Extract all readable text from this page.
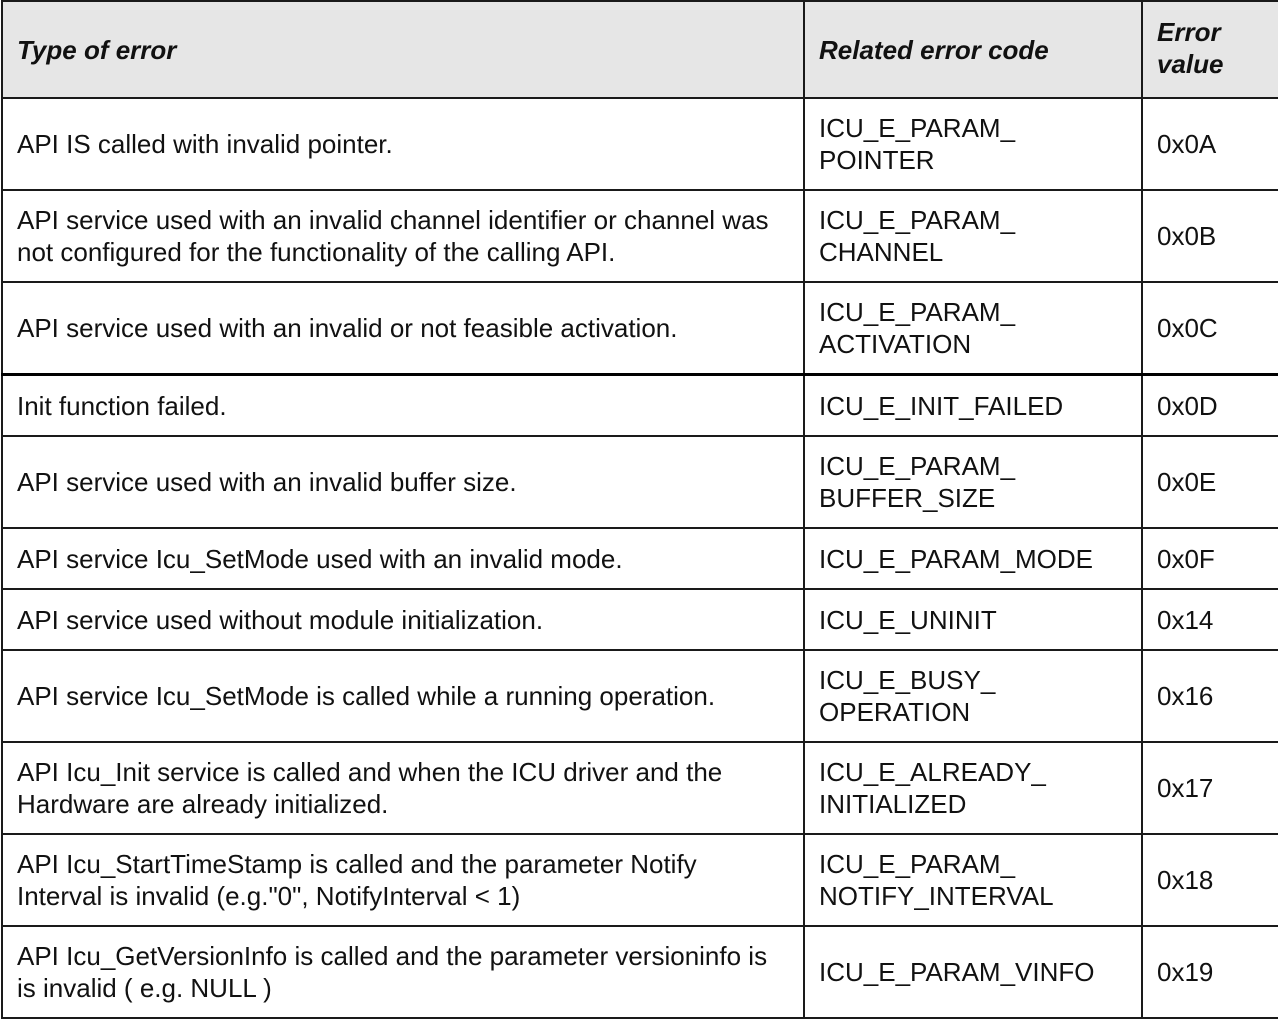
Type of error	Related error code	Error
value

API IS called with invalid pointer.	ICU_E_PARAM_
POINTER	0x0A
API service used with an invalid channel identifier or channel was not configured for the functionality of the calling API.	ICU_E_PARAM_
CHANNEL	0x0B
API service used with an invalid or not feasible activation.	ICU_E_PARAM_
ACTIVATION	0x0C
Init function failed.	ICU_E_INIT_FAILED	0x0D
API service used with an invalid buffer size.	ICU_E_PARAM_
BUFFER_SIZE	0x0E
API service Icu_SetMode used with an invalid mode.	ICU_E_PARAM_MODE	0x0F
API service used without module initialization.	ICU_E_UNINIT	0x14
API service Icu_SetMode is called while a running operation.	ICU_E_BUSY_
OPERATION	0x16
API Icu_Init service is called and when the ICU driver and the Hardware are already initialized.	ICU_E_ALREADY_
INITIALIZED	0x17
API Icu_StartTimeStamp is called and the parameter Notify Interval is invalid (e.g."0", NotifyInterval < 1)	ICU_E_PARAM_
NOTIFY_INTERVAL	0x18
API Icu_GetVersionInfo is called and the parameter versioninfo is is invalid ( e.g. NULL )	ICU_E_PARAM_VINFO	0x19
